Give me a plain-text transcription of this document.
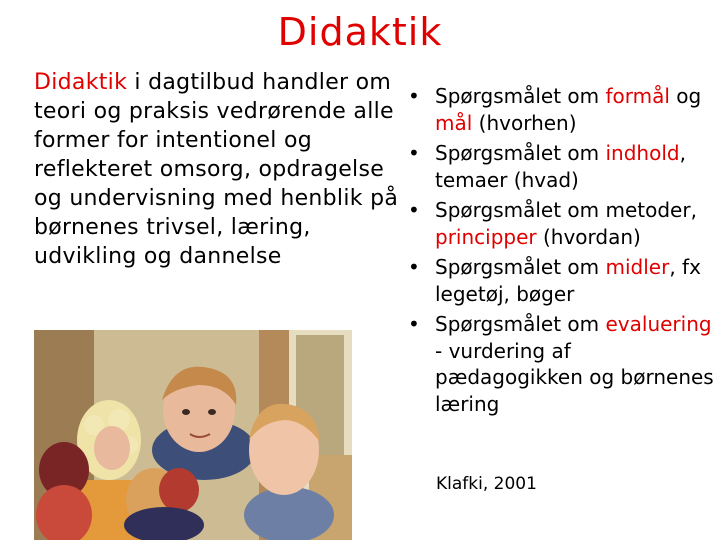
Didaktik
Didaktik i dagtilbud handler om teori og praksis vedrørende alle former for intentionel og reflekteret omsorg, opdragelse og undervisning med henblik på børnenes trivsel, læring, udvikling og dannelse
• Spørgsmålet om formål og mål (hvorhen)
• Spørgsmålet om indhold, temaer (hvad)
• Spørgsmålet om metoder, principper (hvordan)
• Spørgsmålet om midler, fx legetøj, bøger
• Spørgsmålet om evaluering - vurdering af pædagogikken og børnenes læring
Klafki, 2001
